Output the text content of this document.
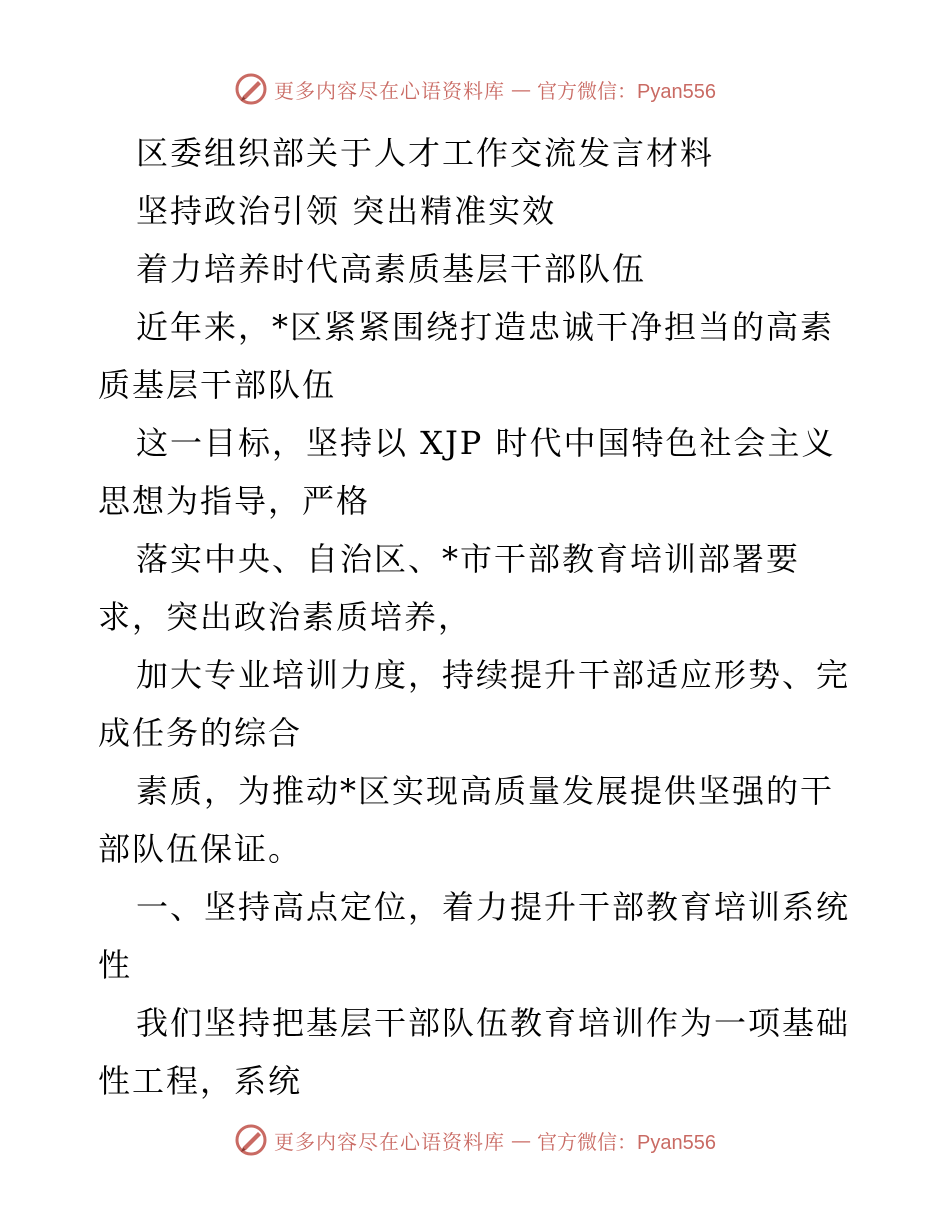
更多内容尽在心语资料库 — 官方微信：Pyan556
区委组织部关于人才工作交流发言材料
坚持政治引领 突出精准实效
着力培养时代高素质基层干部队伍
近年来，*区紧紧围绕打造忠诚干净担当的高素
质基层干部队伍
这一目标，坚持以 XJP 时代中国特色社会主义
思想为指导，严格
落实中央、自治区、*市干部教育培训部署要
求，突出政治素质培养，
加大专业培训力度，持续提升干部适应形势、完
成任务的综合
素质，为推动*区实现高质量发展提供坚强的干
部队伍保证。
一、坚持高点定位，着力提升干部教育培训系统
性
我们坚持把基层干部队伍教育培训作为一项基础
性工程，系统
更多内容尽在心语资料库 — 官方微信：Pyan556
